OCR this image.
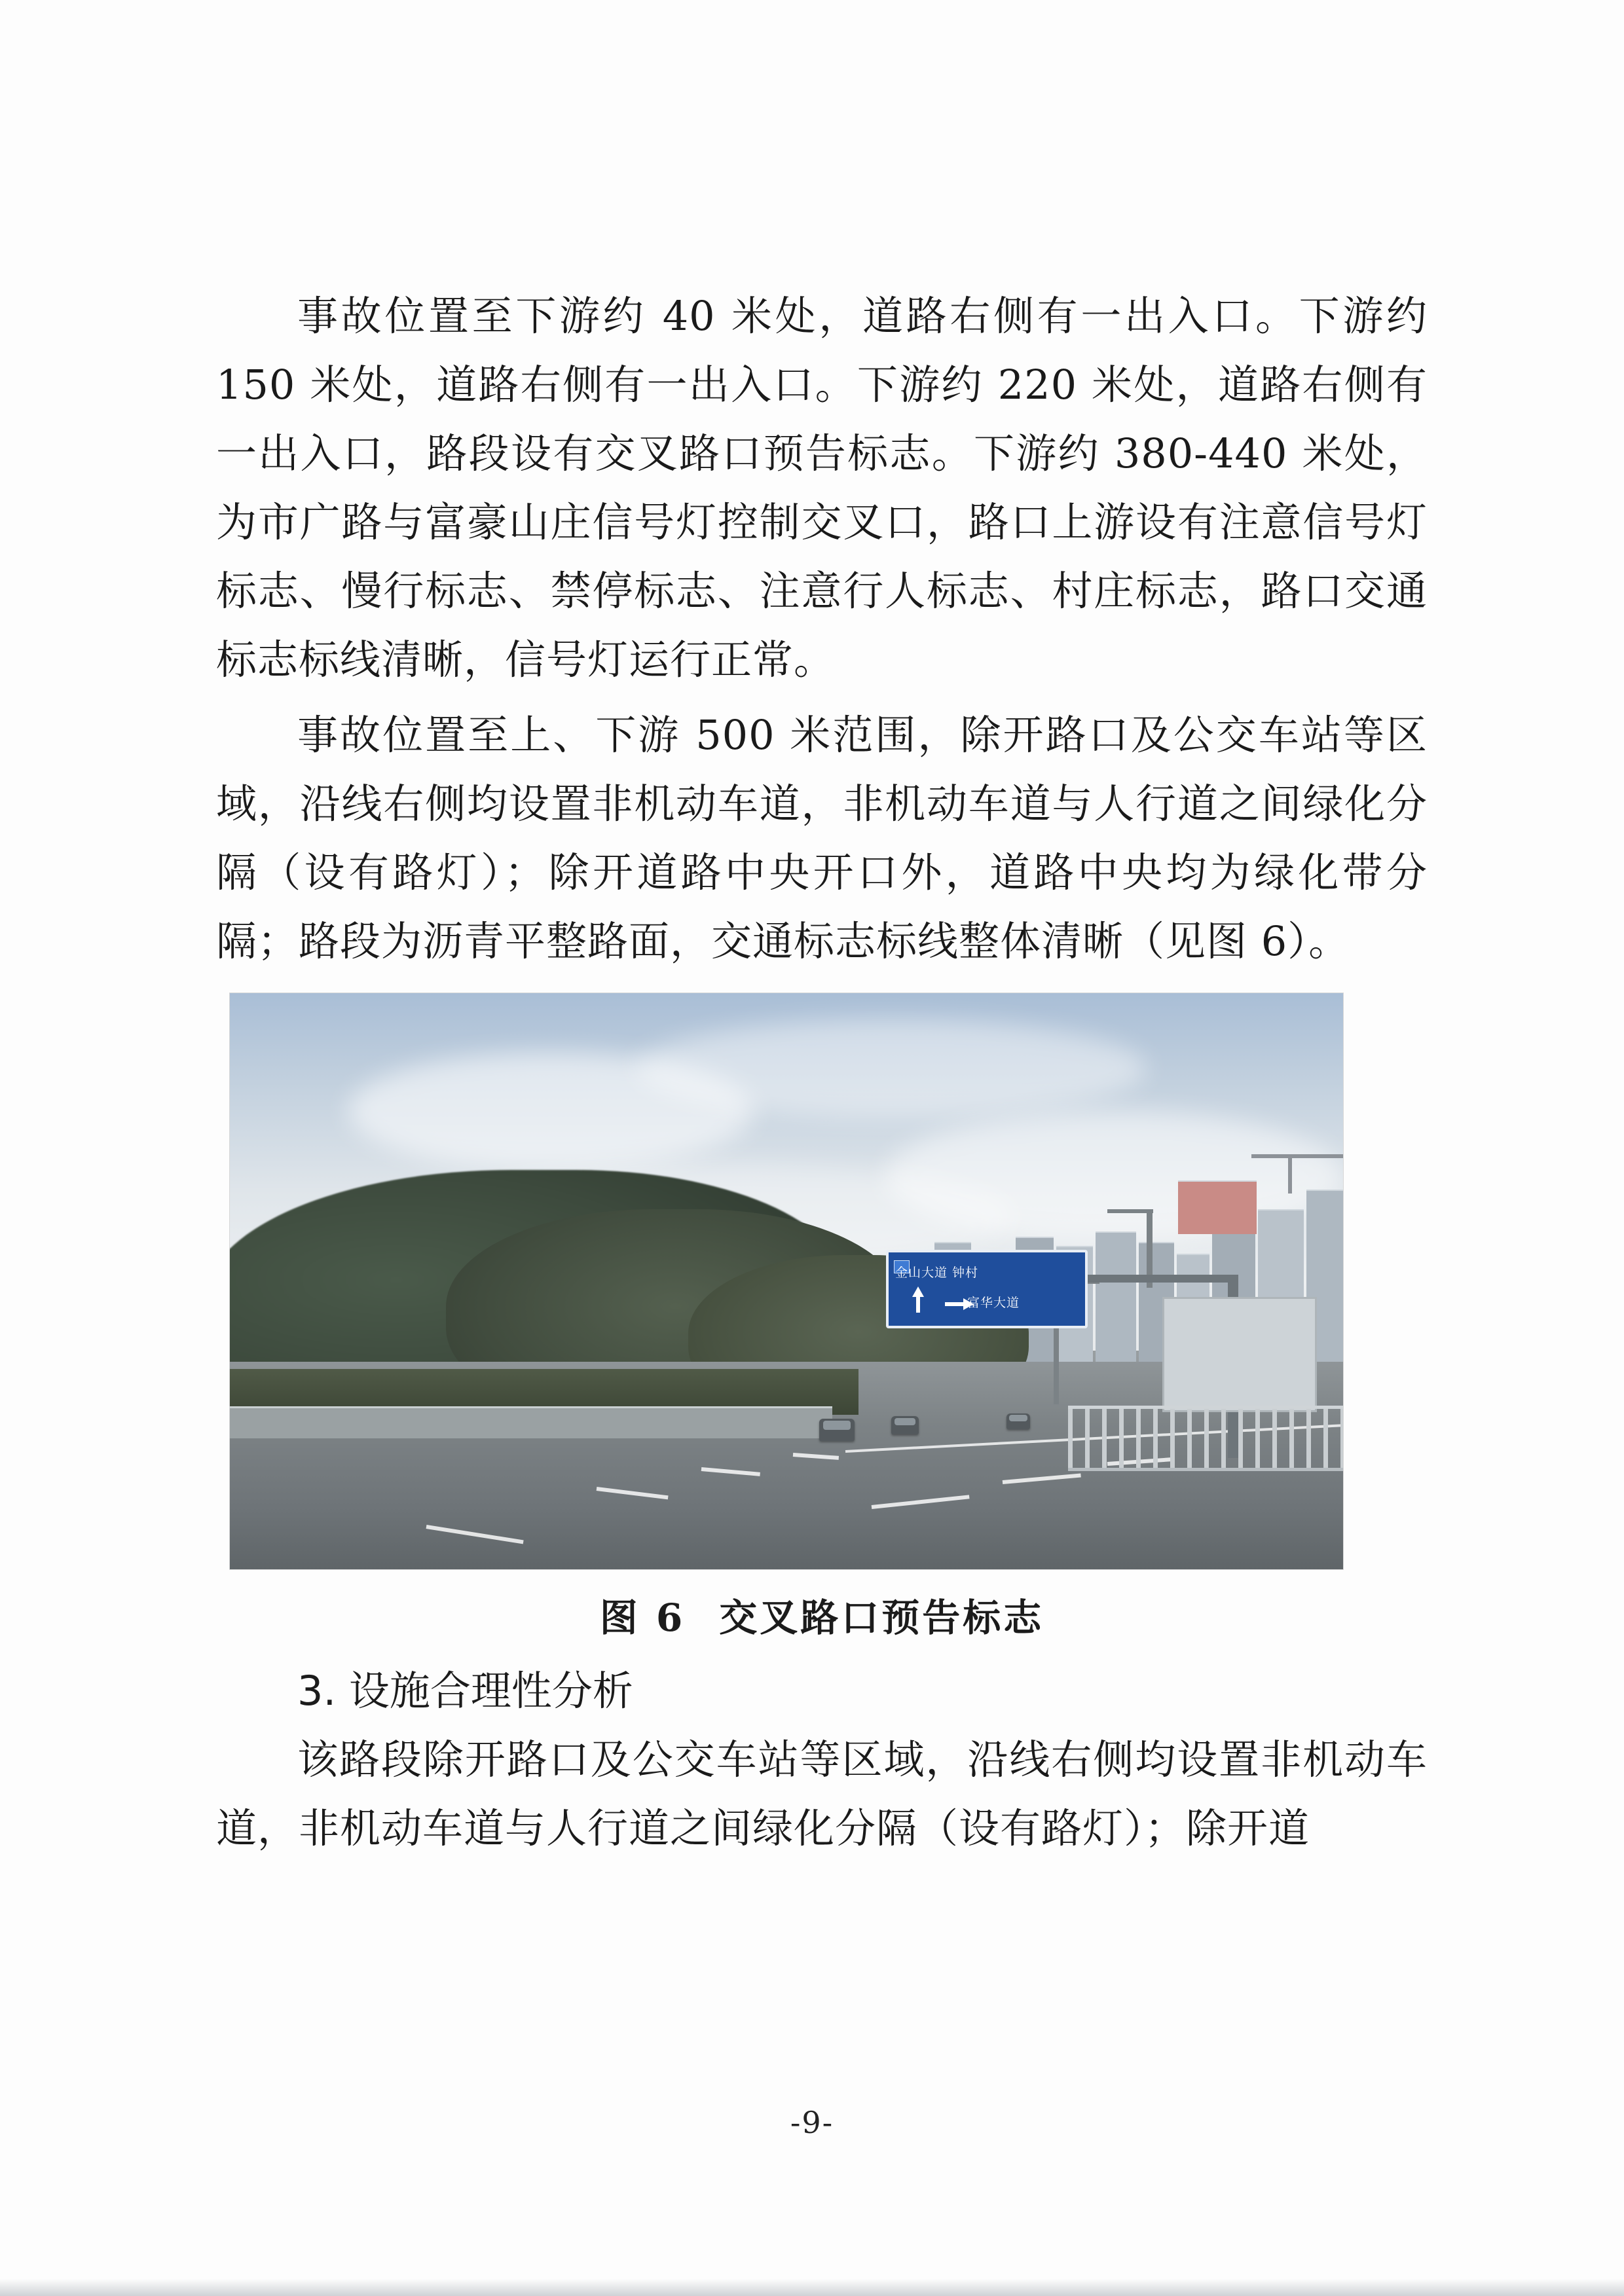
事故位置至下游约 40 米处，道路右侧有一出入口。下游约 150 米处，道路右侧有一出入口。下游约 220 米处，道路右侧有一出入口，路段设有交叉路口预告标志。下游约 380-440 米处，为市广路与富豪山庄信号灯控制交叉口，路口上游设有注意信号灯标志、慢行标志、禁停标志、注意行人标志、村庄标志，路口交通标志标线清晰，信号灯运行正常。

事故位置至上、下游 500 米范围，除开路口及公交车站等区域，沿线右侧均设置非机动车道，非机动车道与人行道之间绿化分隔（设有路灯）；除开道路中央开口外，道路中央均为绿化带分隔；路段为沥青平整路面，交通标志标线整体清晰（见图 6）。

金山大道 钟村
富华大道
图 6 交叉路口预告标志

3. 设施合理性分析

该路段除开路口及公交车站等区域，沿线右侧均设置非机动车道，非机动车道与人行道之间绿化分隔（设有路灯）；除开道

-9-
